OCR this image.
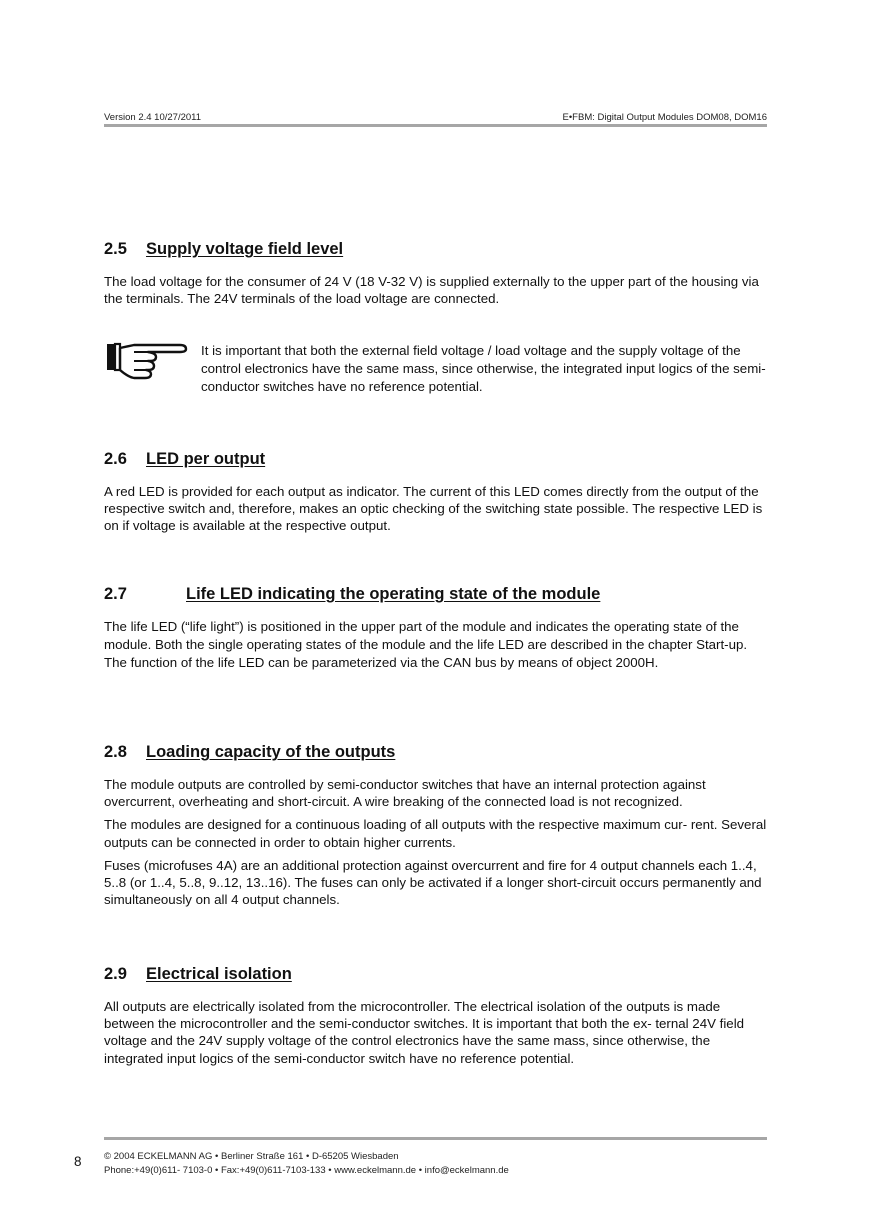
Version 2.4 10/27/2011	E•FBM: Digital Output Modules DOM08, DOM16
2.5	Supply voltage field level

The load voltage for the consumer of 24 V (18 V-32 V) is supplied externally to the upper part of the housing via the terminals. The 24V terminals of the load voltage are connected.

It is important that both the external field voltage / load voltage and the supply voltage of the control electronics have the same mass, since otherwise, the integrated input logics of the semi-conductor switches have no reference potential.
2.6	LED per output

A red LED is provided for each output as indicator. The current of this LED comes directly from the output of the respective switch and, therefore, makes an optic checking of the switching state possible. The respective LED is on if voltage is available at the respective output.

2.7	Life LED indicating the operating state of the module

The life LED (“life light”) is positioned in the upper part of the module and indicates the operating state of the module. Both the single operating states of the module and the life LED are described in the chapter Start-up. The function of the life LED can be parameterized via the CAN bus by means of object 2000H.

2.8	Loading capacity of the outputs

The module outputs are controlled by semi-conductor switches that have an internal protection against overcurrent, overheating and short-circuit. A wire breaking of the connected load is not recognized.

The modules are designed for a continuous loading of all outputs with the respective maximum cur- rent. Several outputs can be connected in order to obtain higher currents.

Fuses (microfuses 4A) are an additional protection against overcurrent and fire for 4 output channels each 1..4, 5..8 (or 1..4, 5..8, 9..12, 13..16). The fuses can only be activated if a longer short-circuit occurs permanently and simultaneously on all 4 output channels.

2.9	Electrical isolation

All outputs are electrically isolated from the microcontroller. The electrical isolation of the outputs is made between the microcontroller and the semi-conductor switches. It is important that both the ex- ternal 24V field voltage and the 24V supply voltage of the control electronics have the same mass, since otherwise, the integrated input logics of the semi-conductor switch have no reference potential.

8 © 2004 ECKELMANN AG • Berliner Straße 161 • D-65205 Wiesbaden
Phone:+49(0)611- 7103-0 • Fax:+49(0)611-7103-133 • www.eckelmann.de • info@eckelmann.de
